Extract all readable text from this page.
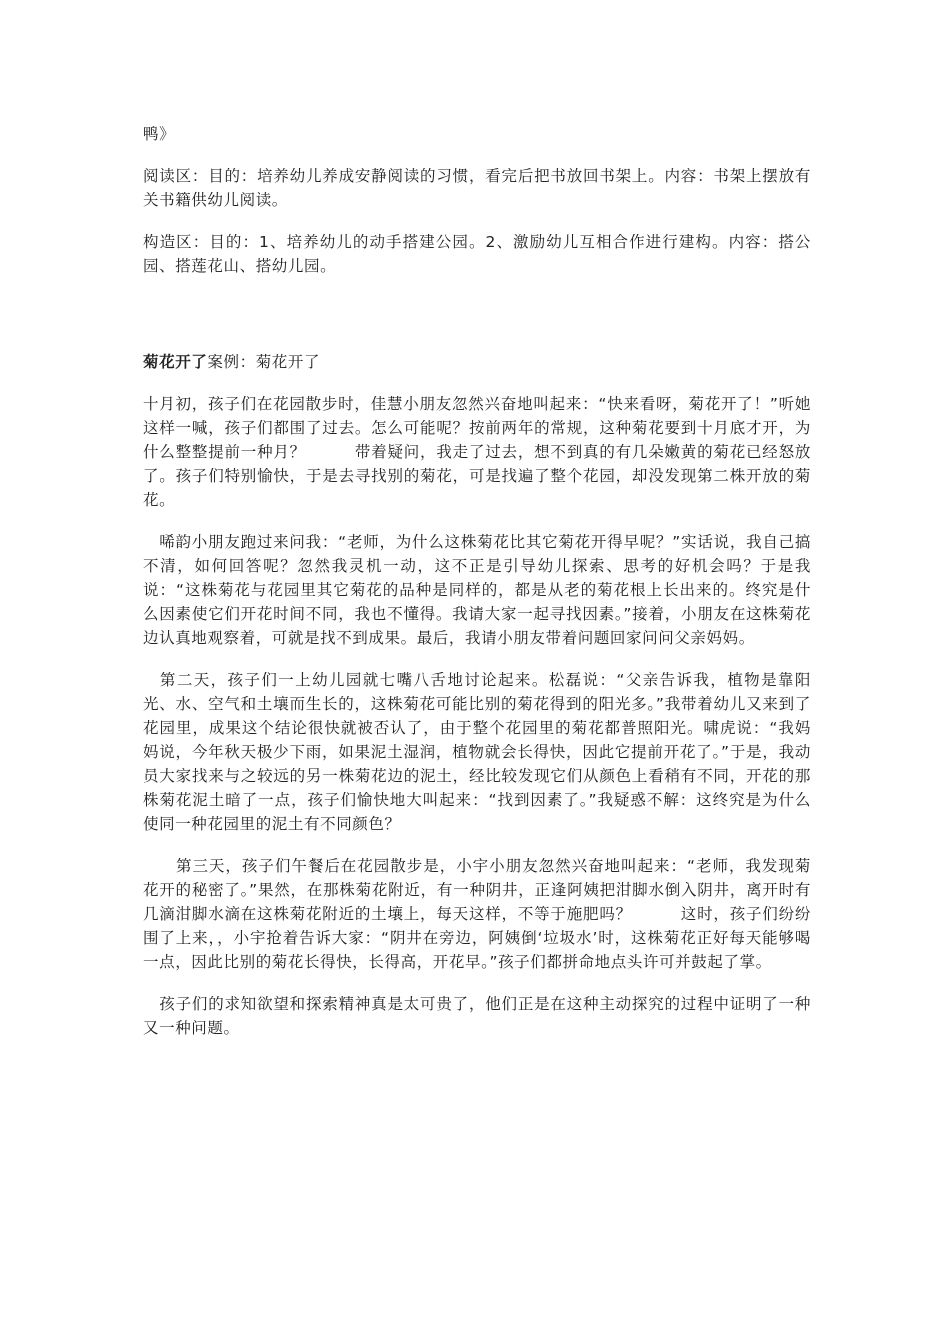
鸭》

阅读区：目的：培养幼儿养成安静阅读的习惯，看完后把书放回书架上。内容：书架上摆放有关书籍供幼儿阅读。

构造区：目的：1、培养幼儿的动手搭建公园。2、激励幼儿互相合作进行建构。内容：搭公园、搭莲花山、搭幼儿园。

菊花开了案例：菊花开了

十月初，孩子们在花园散步时，佳慧小朋友忽然兴奋地叫起来：“快来看呀，菊花开了！”听她这样一喊，孩子们都围了过去。怎么可能呢？按前两年的常规，这种菊花要到十月底才开，为什么整整提前一种月？　　　带着疑问，我走了过去，想不到真的有几朵嫩黄的菊花已经怒放了。孩子们特别愉快，于是去寻找别的菊花，可是找遍了整个花园，却没发现第二株开放的菊花。

　唏韵小朋友跑过来问我：“老师，为什么这株菊花比其它菊花开得早呢？”实话说，我自己搞不清，如何回答呢？忽然我灵机一动，这不正是引导幼儿探索、思考的好机会吗？于是我说：“这株菊花与花园里其它菊花的品种是同样的，都是从老的菊花根上长出来的。终究是什么因素使它们开花时间不同，我也不懂得。我请大家一起寻找因素。”接着，小朋友在这株菊花边认真地观察着，可就是找不到成果。最后，我请小朋友带着问题回家问问父亲妈妈。

　第二天，孩子们一上幼儿园就七嘴八舌地讨论起来。松磊说：“父亲告诉我，植物是靠阳光、水、空气和土壤而生长的，这株菊花可能比别的菊花得到的阳光多。”我带着幼儿又来到了花园里，成果这个结论很快就被否认了，由于整个花园里的菊花都普照阳光。啸虎说：“我妈妈说，今年秋天极少下雨，如果泥土湿润，植物就会长得快，因此它提前开花了。”于是，我动员大家找来与之较远的另一株菊花边的泥土，经比较发现它们从颜色上看稍有不同，开花的那株菊花泥土暗了一点，孩子们愉快地大叫起来：“找到因素了。”我疑惑不解：这终究是为什么使同一种花园里的泥土有不同颜色？

　　第三天，孩子们午餐后在花园散步是，小宇小朋友忽然兴奋地叫起来：“老师，我发现菊花开的秘密了。”果然，在那株菊花附近，有一种阴井，正逢阿姨把泔脚水倒入阴井，离开时有几滴泔脚水滴在这株菊花附近的土壤上，每天这样，不等于施肥吗？　　　这时，孩子们纷纷围了上来，，小宇抢着告诉大家：“阴井在旁边，阿姨倒‘垃圾水’时，这株菊花正好每天能够喝一点，因此比别的菊花长得快，长得高，开花早。”孩子们都拼命地点头许可并鼓起了掌。

　孩子们的求知欲望和探索精神真是太可贵了，他们正是在这种主动探究的过程中证明了一种又一种问题。
